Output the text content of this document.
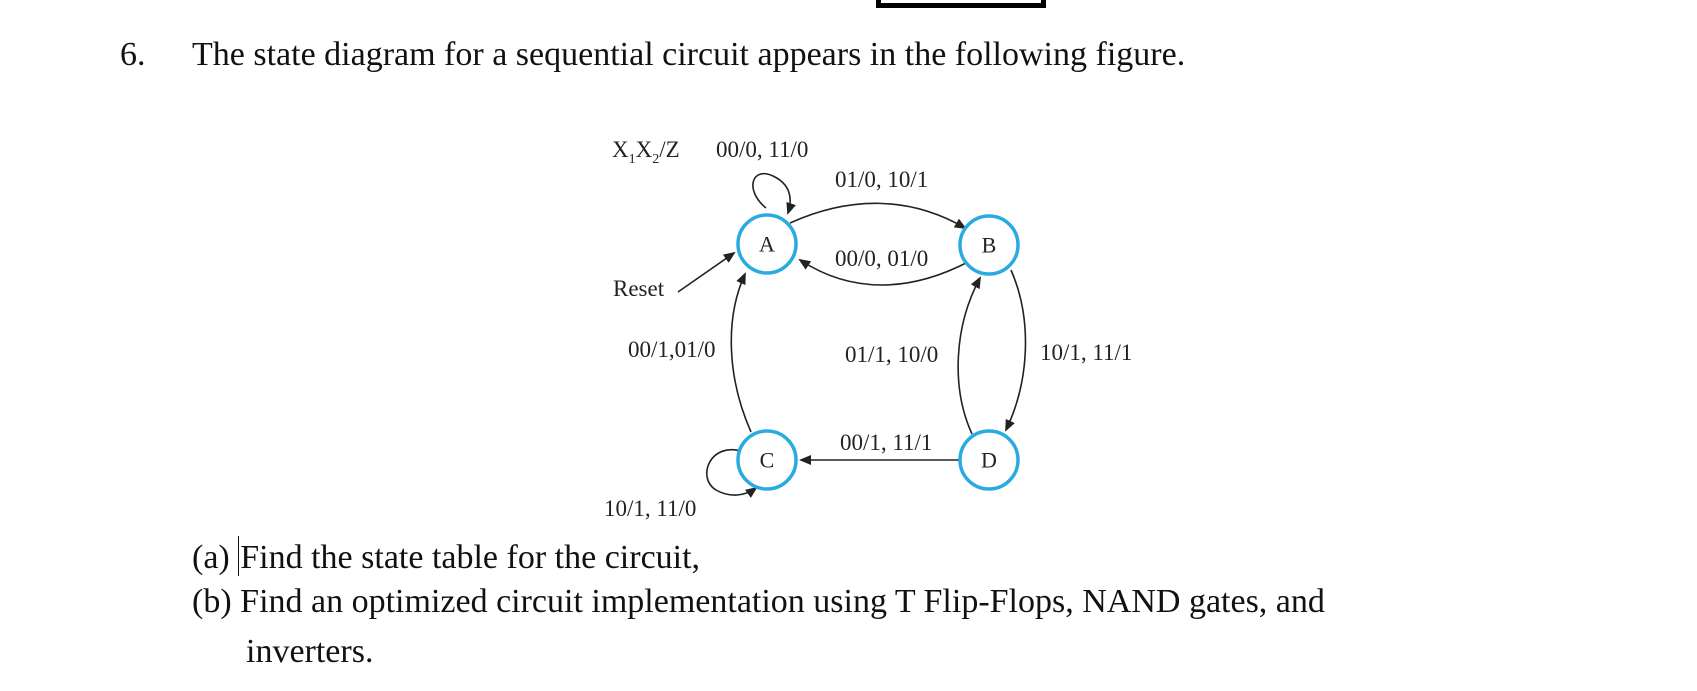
6. The state diagram for a sequential circuit appears in the following figure.
$X_1X_2/Z$ 00/0, 11/0
01/0, 10/1
00/0, 01/0
Reset
00/1,01/0	01/1, 10/0	10/1, 11/1
00/1, 11/1
10/1, 11/0
A	B
C	D
(a) Find the state table for the circuit,
(b) Find an optimized circuit implementation using T Flip-Flops, NAND gates, and
inverters.
